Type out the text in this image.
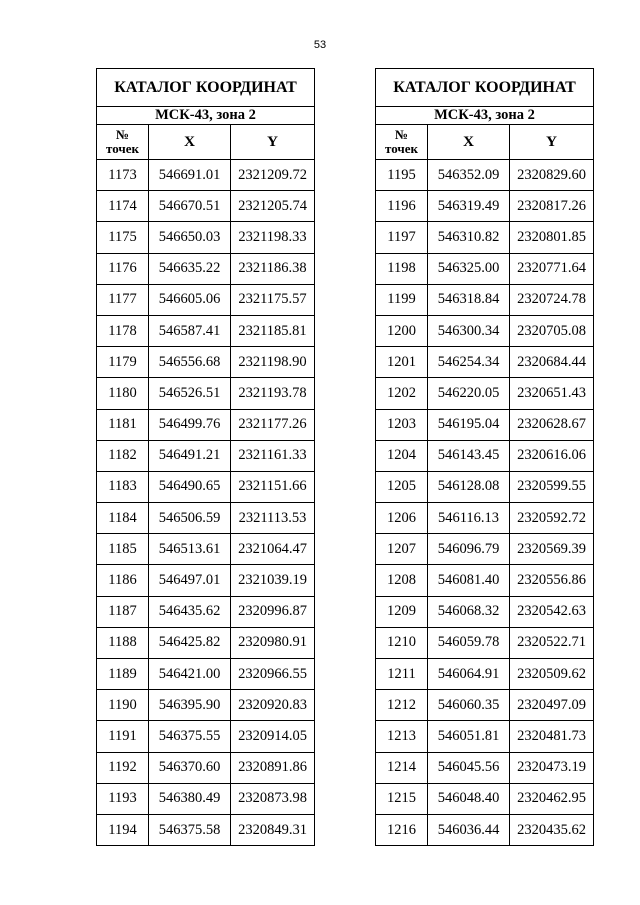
53
КАТАЛОГ КООРДИНАТ		
МСК-43, зона 2		
№
точек	X	Y
1173	546691.01	2321209.72
1174	546670.51	2321205.74
1175	546650.03	2321198.33
1176	546635.22	2321186.38
1177	546605.06	2321175.57
1178	546587.41	2321185.81
1179	546556.68	2321198.90
1180	546526.51	2321193.78
1181	546499.76	2321177.26
1182	546491.21	2321161.33
1183	546490.65	2321151.66
1184	546506.59	2321113.53
1185	546513.61	2321064.47
1186	546497.01	2321039.19
1187	546435.62	2320996.87
1188	546425.82	2320980.91
1189	546421.00	2320966.55
1190	546395.90	2320920.83
1191	546375.55	2320914.05
1192	546370.60	2320891.86
1193	546380.49	2320873.98
1194	546375.58	2320849.31
КАТАЛОГ КООРДИНАТ		
МСК-43, зона 2		
№
точек	X	Y
1195	546352.09	2320829.60
1196	546319.49	2320817.26
1197	546310.82	2320801.85
1198	546325.00	2320771.64
1199	546318.84	2320724.78
1200	546300.34	2320705.08
1201	546254.34	2320684.44
1202	546220.05	2320651.43
1203	546195.04	2320628.67
1204	546143.45	2320616.06
1205	546128.08	2320599.55
1206	546116.13	2320592.72
1207	546096.79	2320569.39
1208	546081.40	2320556.86
1209	546068.32	2320542.63
1210	546059.78	2320522.71
1211	546064.91	2320509.62
1212	546060.35	2320497.09
1213	546051.81	2320481.73
1214	546045.56	2320473.19
1215	546048.40	2320462.95
1216	546036.44	2320435.62
